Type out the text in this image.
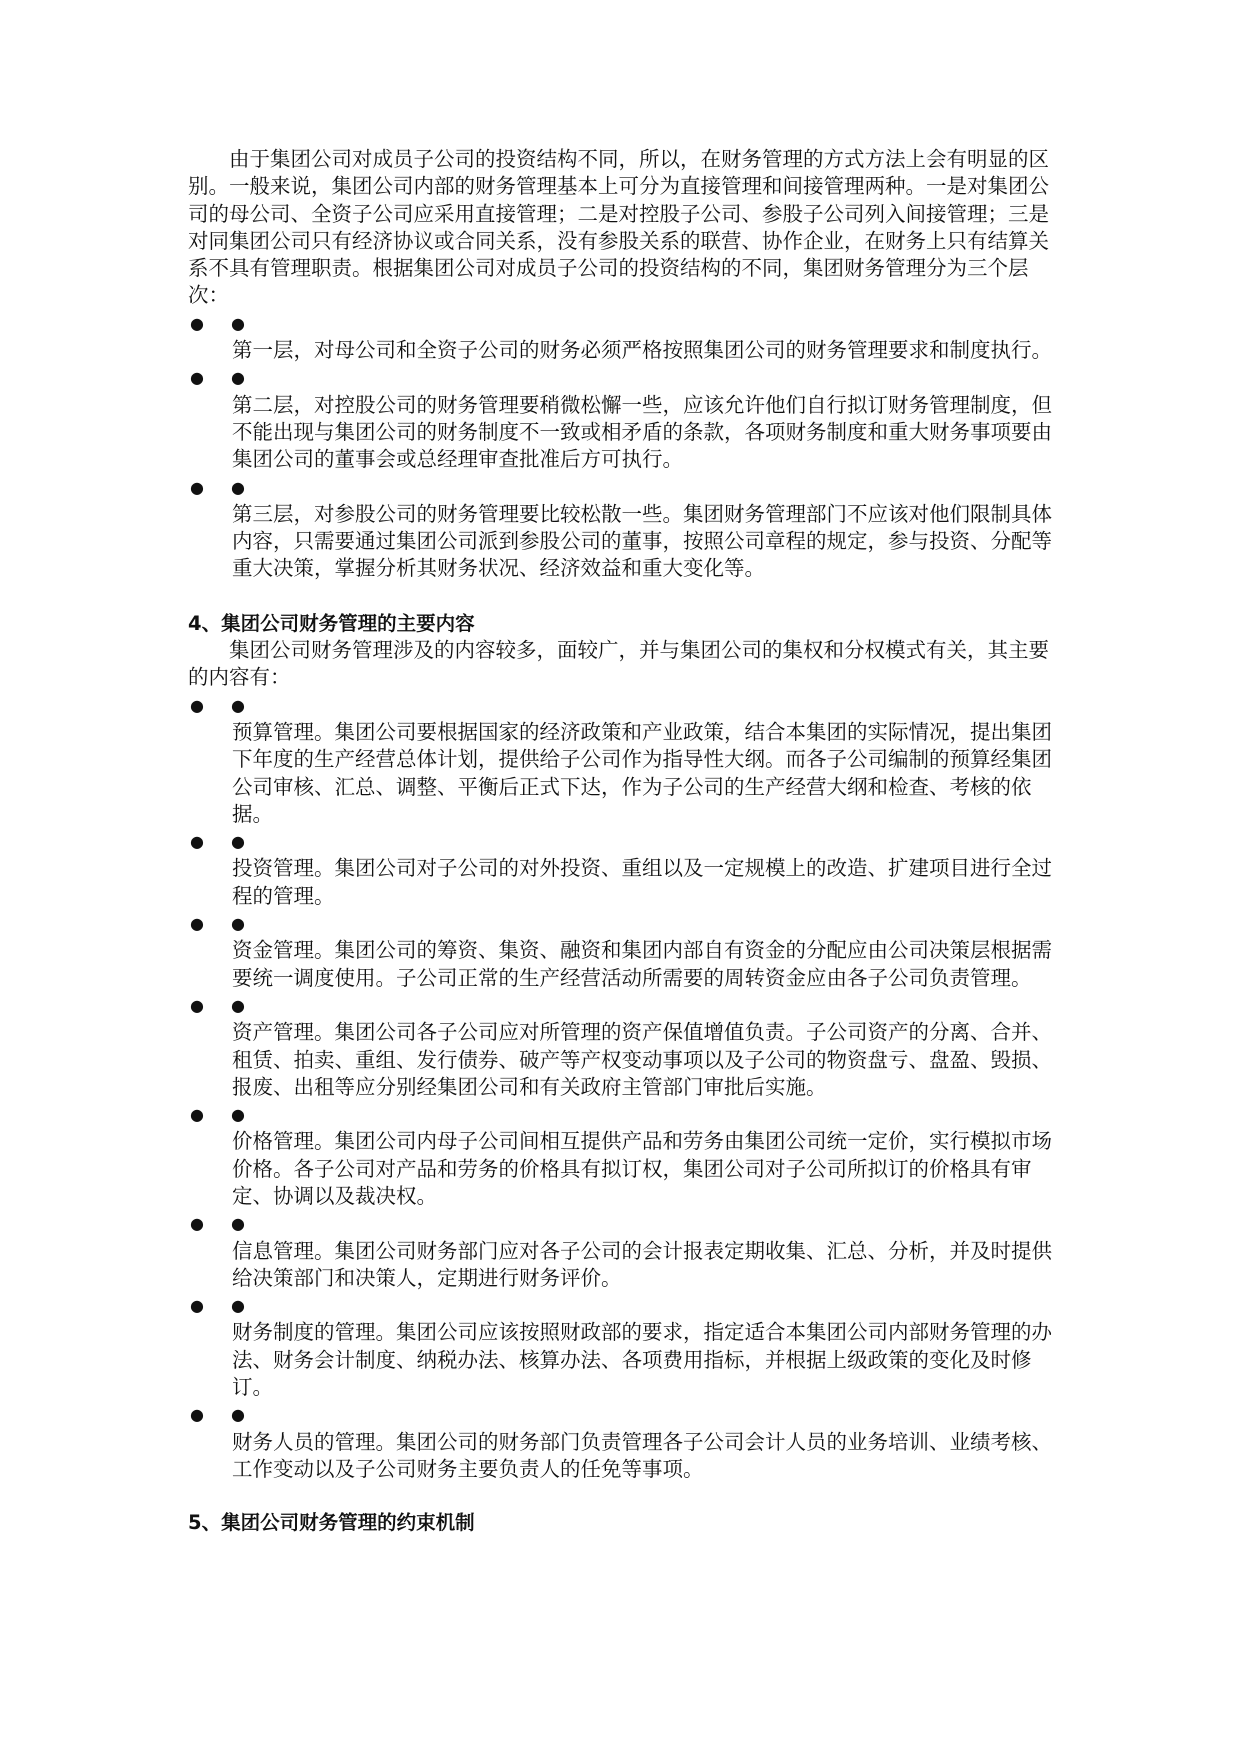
由于集团公司对成员子公司的投资结构不同，所以，在财务管理的方式方法上会有明显的区别。一般来说，集团公司内部的财务管理基本上可分为直接管理和间接管理两种。一是对集团公司的母公司、全资子公司应采用直接管理；二是对控股子公司、参股子公司列入间接管理；三是对同集团公司只有经济协议或合同关系，没有参股关系的联营、协作企业，在财务上只有结算关系不具有管理职责。根据集团公司对成员子公司的投资结构的不同，集团财务管理分为三个层次：

● ●

第一层，对母公司和全资子公司的财务必须严格按照集团公司的财务管理要求和制度执行。

● ●

第二层，对控股公司的财务管理要稍微松懈一些，应该允许他们自行拟订财务管理制度，但不能出现与集团公司的财务制度不一致或相矛盾的条款，各项财务制度和重大财务事项要由集团公司的董事会或总经理审查批准后方可执行。

● ●

第三层，对参股公司的财务管理要比较松散一些。集团财务管理部门不应该对他们限制具体内容，只需要通过集团公司派到参股公司的董事，按照公司章程的规定，参与投资、分配等重大决策，掌握分析其财务状况、经济效益和重大变化等。

4、集团公司财务管理的主要内容

集团公司财务管理涉及的内容较多，面较广，并与集团公司的集权和分权模式有关，其主要的内容有：

● ●

预算管理。集团公司要根据国家的经济政策和产业政策，结合本集团的实际情况，提出集团下年度的生产经营总体计划，提供给子公司作为指导性大纲。而各子公司编制的预算经集团公司审核、汇总、调整、平衡后正式下达，作为子公司的生产经营大纲和检查、考核的依据。

● ●

投资管理。集团公司对子公司的对外投资、重组以及一定规模上的改造、扩建项目进行全过程的管理。

● ●

资金管理。集团公司的筹资、集资、融资和集团内部自有资金的分配应由公司决策层根据需要统一调度使用。子公司正常的生产经营活动所需要的周转资金应由各子公司负责管理。

● ●

资产管理。集团公司各子公司应对所管理的资产保值增值负责。子公司资产的分离、合并、租赁、拍卖、重组、发行债券、破产等产权变动事项以及子公司的物资盘亏、盘盈、毁损、报废、出租等应分别经集团公司和有关政府主管部门审批后实施。

● ●

价格管理。集团公司内母子公司间相互提供产品和劳务由集团公司统一定价，实行模拟市场价格。各子公司对产品和劳务的价格具有拟订权，集团公司对子公司所拟订的价格具有审定、协调以及裁决权。

● ●

信息管理。集团公司财务部门应对各子公司的会计报表定期收集、汇总、分析，并及时提供给决策部门和决策人，定期进行财务评价。

● ●

财务制度的管理。集团公司应该按照财政部的要求，指定适合本集团公司内部财务管理的办法、财务会计制度、纳税办法、核算办法、各项费用指标，并根据上级政策的变化及时修订。

● ●

财务人员的管理。集团公司的财务部门负责管理各子公司会计人员的业务培训、业绩考核、工作变动以及子公司财务主要负责人的任免等事项。

5、集团公司财务管理的约束机制
